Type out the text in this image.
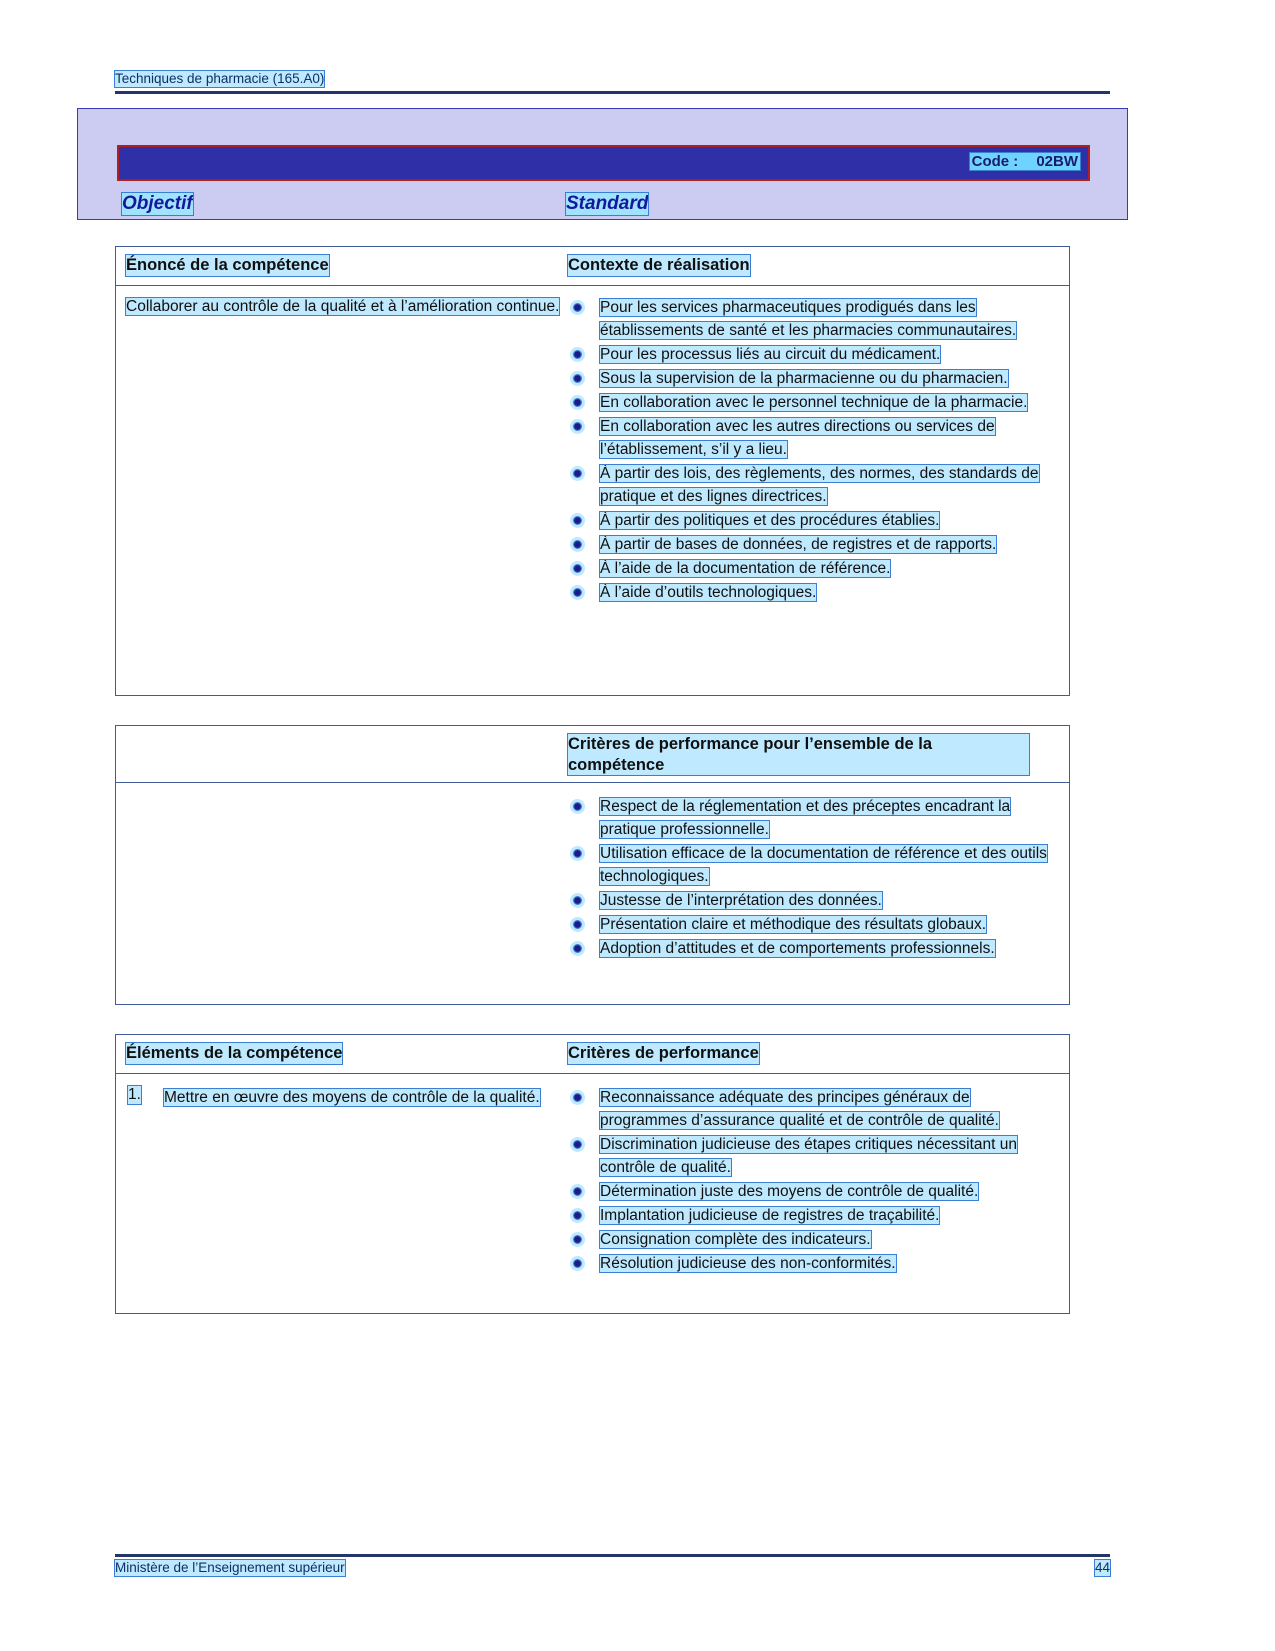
Techniques de pharmacie (165.A0)
Code : 02BW
Objectif	Standard
Énoncé de la compétence	Contexte de réalisation
Collaborer au contrôle de la qualité et à l’amélioration continue.	Pour les services pharmaceutiques prodigués dans les établissements de santé et les pharmacies communautaires.
Pour les processus liés au circuit du médicament.
Sous la supervision de la pharmacienne ou du pharmacien.
En collaboration avec le personnel technique de la pharmacie.
En collaboration avec les autres directions ou services de l’établissement, s’il y a lieu.
À partir des lois, des règlements, des normes, des standards de pratique et des lignes directrices.
À partir des politiques et des procédures établies.
À partir de bases de données, de registres et de rapports.
À l’aide de la documentation de référence.
À l’aide d’outils technologiques.
Critères de performance pour l’ensemble de la compétence
Respect de la réglementation et des préceptes encadrant la pratique professionnelle.
Utilisation efficace de la documentation de référence et des outils technologiques.
Justesse de l’interprétation des données.
Présentation claire et méthodique des résultats globaux.
Adoption d’attitudes et de comportements professionnels.
Éléments de la compétence	Critères de performance
1. Mettre en œuvre des moyens de contrôle de la qualité.	Reconnaissance adéquate des principes généraux de programmes d’assurance qualité et de contrôle de qualité.
Discrimination judicieuse des étapes critiques nécessitant un contrôle de qualité.
Détermination juste des moyens de contrôle de qualité.
Implantation judicieuse de registres de traçabilité.
Consignation complète des indicateurs.
Résolution judicieuse des non-conformités.
Ministère de l’Enseignement supérieur	44
